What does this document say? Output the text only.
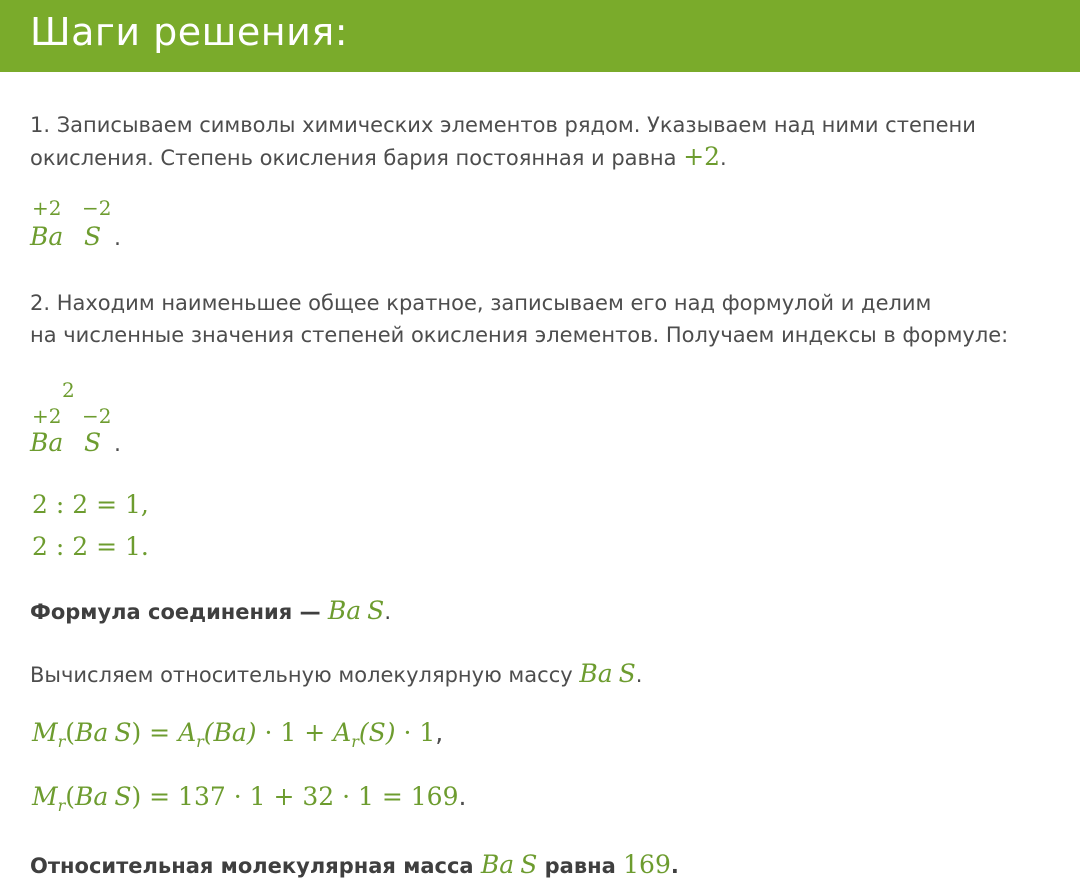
Шаги решения:
1. Записываем символы химических элементов рядом. Указываем над ними степени
окисления. Степень окисления бария постоянная и равна +2.
+2
Ba
−2
S .
2. Находим наименьшее общее кратное, записываем его над формулой и делим
на численные значения степеней окисления элементов. Получаем индексы в формуле:
2
+2
Ba
−2
S .
2 : 2 = 1,
2 : 2 = 1.
Формула соединения — Ba S.
Вычисляем относительную молекулярную массу Ba S.
$M_r(Ba$ $S) = A_r(Ba) \cdot 1 + A_r(S) \cdot 1$,
$M_r(Ba$ S) = 137 · 1 + 32 · 1 = 169.
Относительная молекулярная масса Ba S равна 169.
